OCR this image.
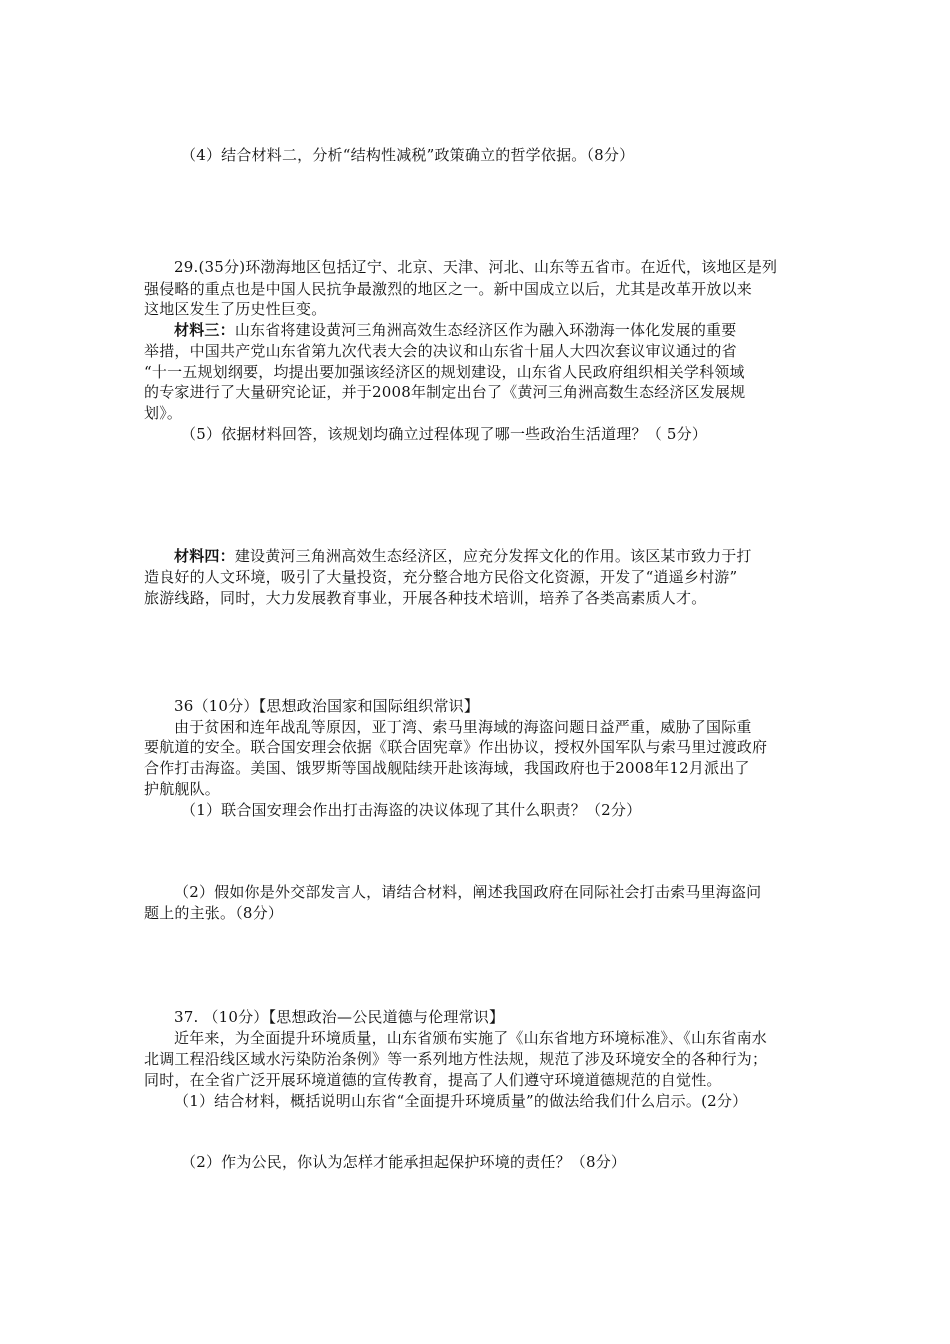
（4）结合材料二，分析“结构性减税”政策确立的哲学依据。（8分）
29.(35分)环渤海地区包括辽宁、北京、天津、河北、山东等五省市。在近代，该地区是列
强侵略的重点也是中国人民抗争最激烈的地区之一。新中国成立以后，尤其是改革开放以来
这地区发生了历史性巨变。
材料三：山东省将建设黄河三角洲高效生态经济区作为融入环渤海一体化发展的重要
举措，中国共产党山东省第九次代表大会的决议和山东省十届人大四次套议审议通过的省
“十一五规划纲要，均提出要加强该经济区的规划建设，山东省人民政府组织相关学科领域
的专家进行了大量研究论证，并于2008年制定出台了《黄河三角洲高数生态经济区发展规
划》。
（5）依据材料回答，该规划均确立过程体现了哪一些政治生活道理？（ 5分）
材料四：建设黄河三角洲高效生态经济区，应充分发挥文化的作用。该区某市致力于打
造良好的人文环境，吸引了大量投资，充分整合地方民俗文化资源，开发了“逍遥乡村游”
旅游线路，同时，大力发展教育事业，开展各种技术培训，培养了各类高素质人才。
36（10分）【思想政治国家和国际组织常识】
由于贫困和连年战乱等原因，亚丁湾、索马里海域的海盗问题日益严重，威胁了国际重
要航道的安全。联合国安理会依据《联合固宪章》作出协议，授权外国军队与索马里过渡政府
合作打击海盗。美国、饿罗斯等国战舰陆续开赴该海域，我国政府也于2008年12月派出了
护航舰队。
（1）联合国安理会作出打击海盗的决议体现了其什么职责？（2分）
（2）假如你是外交部发言人，请结合材料，阐述我国政府在同际社会打击索马里海盗问
题上的主张。（8分）
37. （10分）【思想政治—公民道德与伦理常识】
近年来，为全面提升环境质量，山东省颁布实施了《山东省地方环境标准》、《山东省南水
北调工程沿线区域水污染防治条例》等一系列地方性法规，规范了涉及环境安全的各种行为；
同时，在全省广泛开展环境道德的宣传教育，提高了人们遵守环境道德规范的自觉性。
（1）结合材料，概括说明山东省“全面提升环境质量”的做法给我们什么启示。(2分）
（2）作为公民，你认为怎样才能承担起保护环境的责任？（8分）
